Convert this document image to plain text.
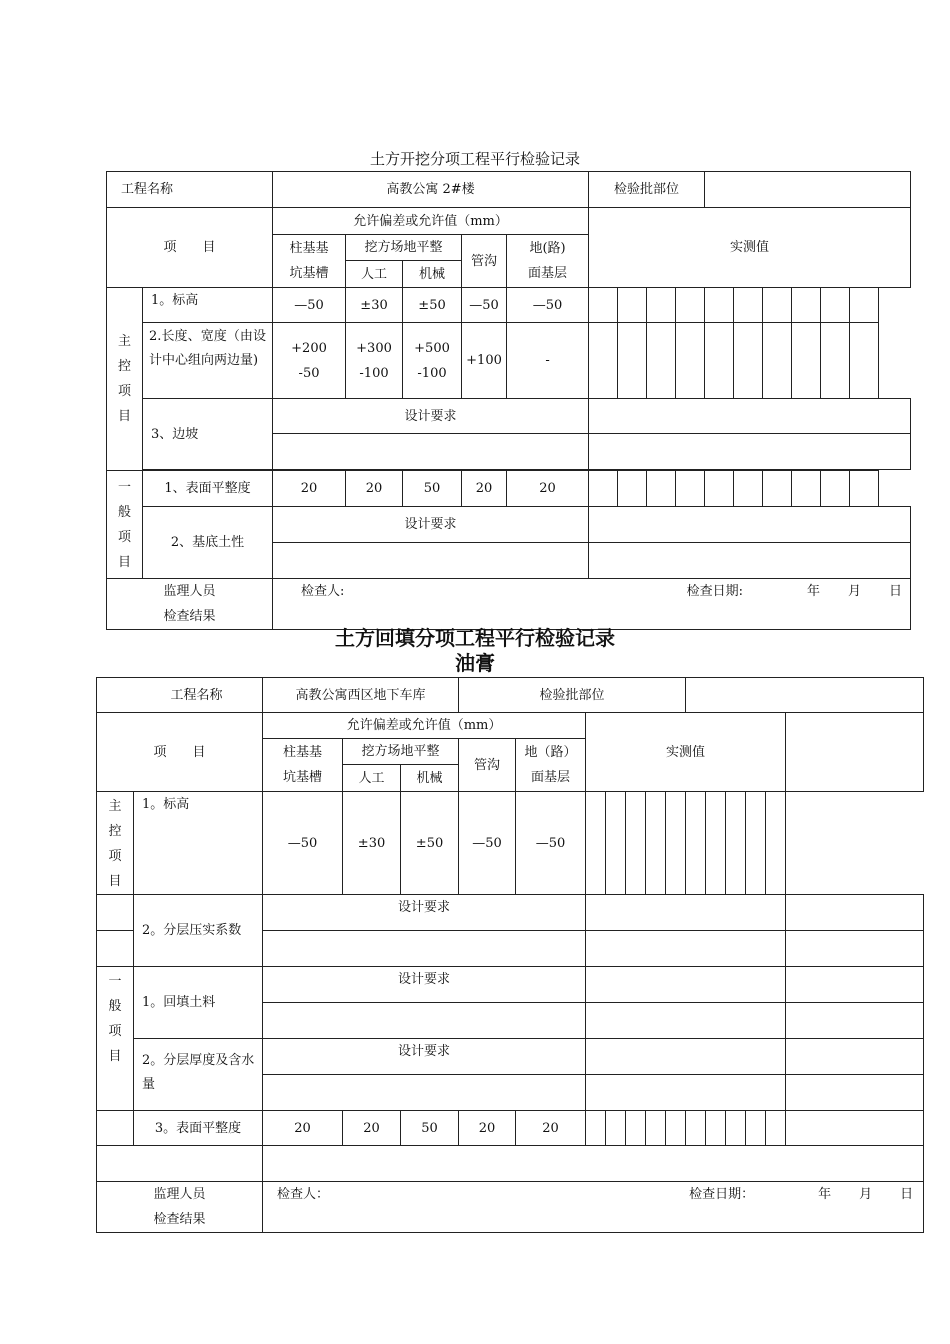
土方开挖分项工程平行检验记录
工程名称		高教公寓 2#楼					检验批部位										
项　　目		允许偏差或允许值（mm）					实测值										

		柱基基
坑基槽	挖方场地平整		管沟	地(路)
面基层											

			人工	机械													

主
控
项
目	1。标高	—50	±30	±50	—50	—50											

	2.长度、宽度（由设计中心组向两边量)	+200
-50	+300
-100	+500
-100	+100	-											
	3、边坡	设计要求															

一
般
项
目	1、表面平整度	20	20	50	20	20											
	2、基底土性	设计要求															

监理人员
检查结果		检查人: 检查日期: 年 月 日															
土方回填分项工程平行检验记录
油膏
工程名称		高教公寓西区地下车库			检验批部位												
项　　目		允许偏差或允许值（mm）					实测值										

		柱基基
坑基槽	挖方场地平整		管沟	地（路）
面基层											

			人工	机械													

主
控
项
目	1。标高	—50	±30	±50	—50	—50											
	2。分层压实系数	设计要求															

一
般
项
目	1。回填土料	设计要求															

	2。分层厚度及含水量	设计要求															

	3。表面平整度	20	20	50	20	20											

监理人员
检查结果		检查人： 检查日期： 年 月 日															
